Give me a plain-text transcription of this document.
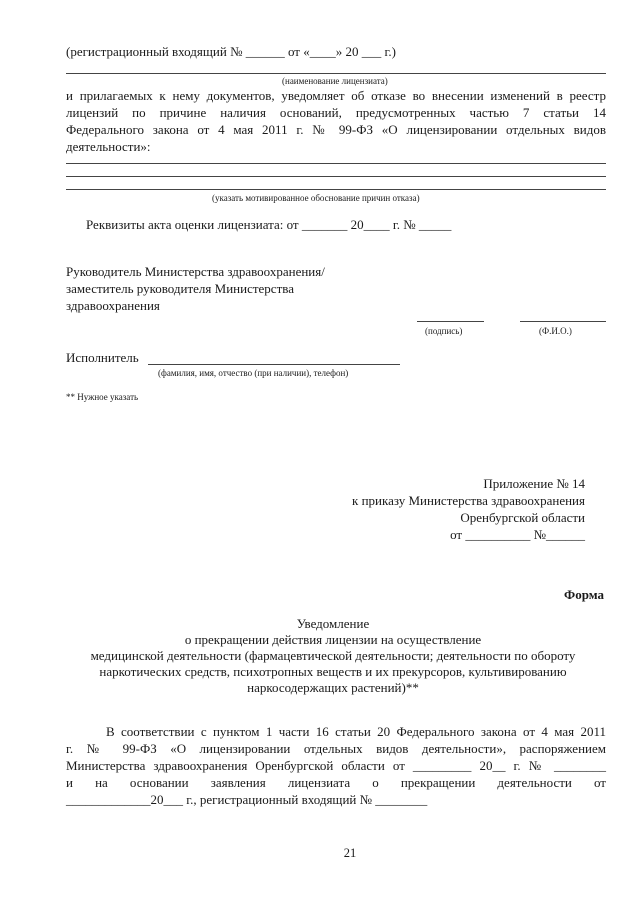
(регистрационный входящий № ______ от «____» 20 ___ г.)
(наименование лицензиата)
и прилагаемых к нему документов, уведомляет об отказе во внесении изменений в реестр
лицензий по причине наличия оснований, предусмотренных частью 7 статьи 14
Федерального закона от 4 мая 2011 г. № 99-ФЗ «О лицензировании отдельных видов
деятельности»:
(указать мотивированное обоснование причин отказа)
Реквизиты акта оценки лицензиата: от _______ 20____ г. № _____
Руководитель Министерства здравоохранения/
заместитель руководителя Министерства
здравоохранения
(подпись)	(Ф.И.О.)
Исполнитель
(фамилия, имя, отчество (при наличии), телефон)
** Нужное указать
Приложение № 14
к приказу Министерства здравоохранения
Оренбургской области
от __________ №______
Форма
Уведомление
о прекращении действия лицензии на осуществление
медицинской деятельности (фармацевтической деятельности; деятельности по обороту
наркотических средств, психотропных веществ и их прекурсоров, культивированию
наркосодержащих растений)**
В соответствии с пунктом 1 части 16 статьи 20 Федерального закона от 4 мая 2011
г. № 99-ФЗ «О лицензировании отдельных видов деятельности», распоряжением
Министерства здравоохранения Оренбургской области от _________ 20__ г. № ________
и на основании заявления лицензиата о прекращении деятельности от
_____________20___ г., регистрационный входящий № ________
21
